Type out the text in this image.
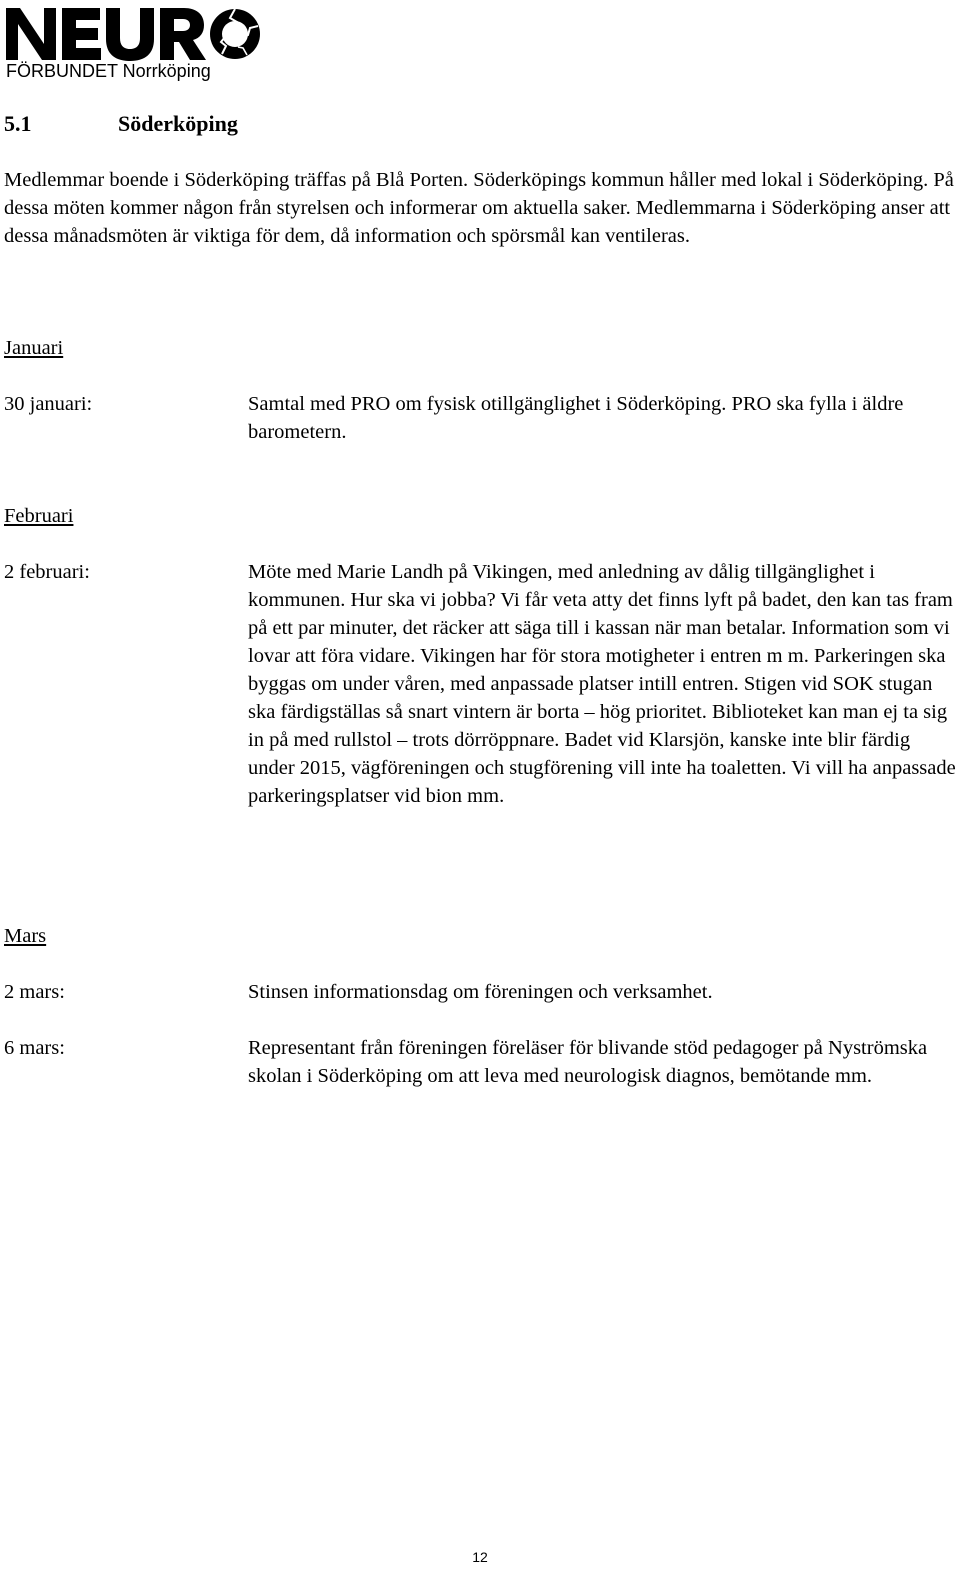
FÖRBUNDET Norrköping
5.1	Söderköping

Medlemmar boende i Söderköping träffas på Blå Porten. Söderköpings kommun håller med lokal i Söderköping. På dessa möten kommer någon från styrelsen och informerar om aktuella saker. Medlemmarna i Söderköping anser att dessa månadsmöten är viktiga för dem, då information och spörsmål kan ventileras.

Januari
30 januari:	Samtal med PRO om fysisk otillgänglighet i Söderköping. PRO ska fylla i äldre barometern.

Februari
2 februari:	Möte med Marie Landh på Vikingen, med anledning av dålig tillgänglighet i kommunen. Hur ska vi jobba? Vi får veta atty det finns lyft på badet, den kan tas fram på ett par minuter, det räcker att säga till i kassan när man betalar. Information som vi lovar att föra vidare. Vikingen har för stora motigheter i entren m m. Parkeringen ska byggas om under våren, med anpassade platser intill entren. Stigen vid SOK stugan ska färdigställas så snart vintern är borta – hög prioritet. Biblioteket kan man ej ta sig in på med rullstol – trots dörröppnare. Badet vid Klarsjön, kanske inte blir färdig under 2015, vägföreningen och stugförening vill inte ha toaletten. Vi vill ha anpassade parkeringsplatser vid bion mm.

Mars
2 mars:	Stinsen informationsdag om föreningen och verksamhet.

6 mars:	Representant från föreningen föreläser för blivande stöd pedagoger på Nyströmska skolan i Söderköping om att leva med neurologisk diagnos, bemötande mm.

12
